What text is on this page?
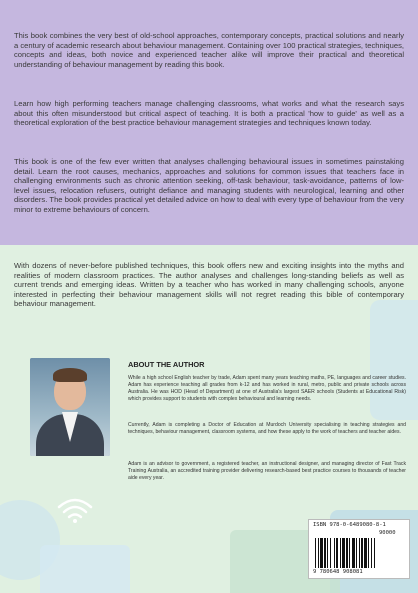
This book combines the very best of old-school approaches, contemporary concepts, practical solutions and nearly a century of academic research about behaviour management. Containing over 100 practical strategies, techniques, concepts and ideas, both novice and experienced teacher alike will improve their practical and theoretical understanding of behaviour management by reading this book.

Learn how high performing teachers manage challenging classrooms, what works and what the research says about this often misunderstood but critical aspect of teaching. It is both a practical 'how to guide' as well as a theoretical exploration of the best practice behaviour management strategies and techniques known today.

This book is one of the few ever written that analyses challenging behavioural issues in sometimes painstaking detail. Learn the root causes, mechanics, approaches and solutions for common issues that teachers face in challenging environments such as chronic attention seeking, off-task behaviour, task-avoidance, patterns of low-level issues, relocation refusers, outright defiance and managing students with neurological, learning and other disorders. The book provides practical yet detailed advice on how to deal with every type of behaviour from the very minor to extreme behaviours of concern.

With dozens of never-before published techniques, this book offers new and exciting insights into the myths and realities of modern classroom practices. The author analyses and challenges long-standing beliefs as well as current trends and emerging ideas. Written by a teacher who has worked in many challenging schools, anyone interested in perfecting their behaviour management skills will not regret reading this bible of contemporary behaviour management.

ABOUT THE AUTHOR

While a high school English teacher by trade, Adam spent many years teaching maths, PE, languages and career studies. Adam has experience teaching all grades from k-12 and has worked in rural, metro, public and private schools across Australia. He was HOD (Head of Department) at one of Australia's largest SAER schools (Students at Educational Risk) which provides support to students with complex behavioural and learning needs.

Currently, Adam is completing a Doctor of Education at Murdoch University specialising in teaching strategies and techniques, behaviour management, classroom systems, and how these apply to the work of teachers and teacher aides.

Adam is an advisor to government, a registered teacher, an instructional designer, and managing director of Fast Track Training Australia, an accredited training provider delivering research-based best practice courses to thousands of teacher aide every year.

ISBN 978-0-6489080-8-1

90000

9 780648 908081
